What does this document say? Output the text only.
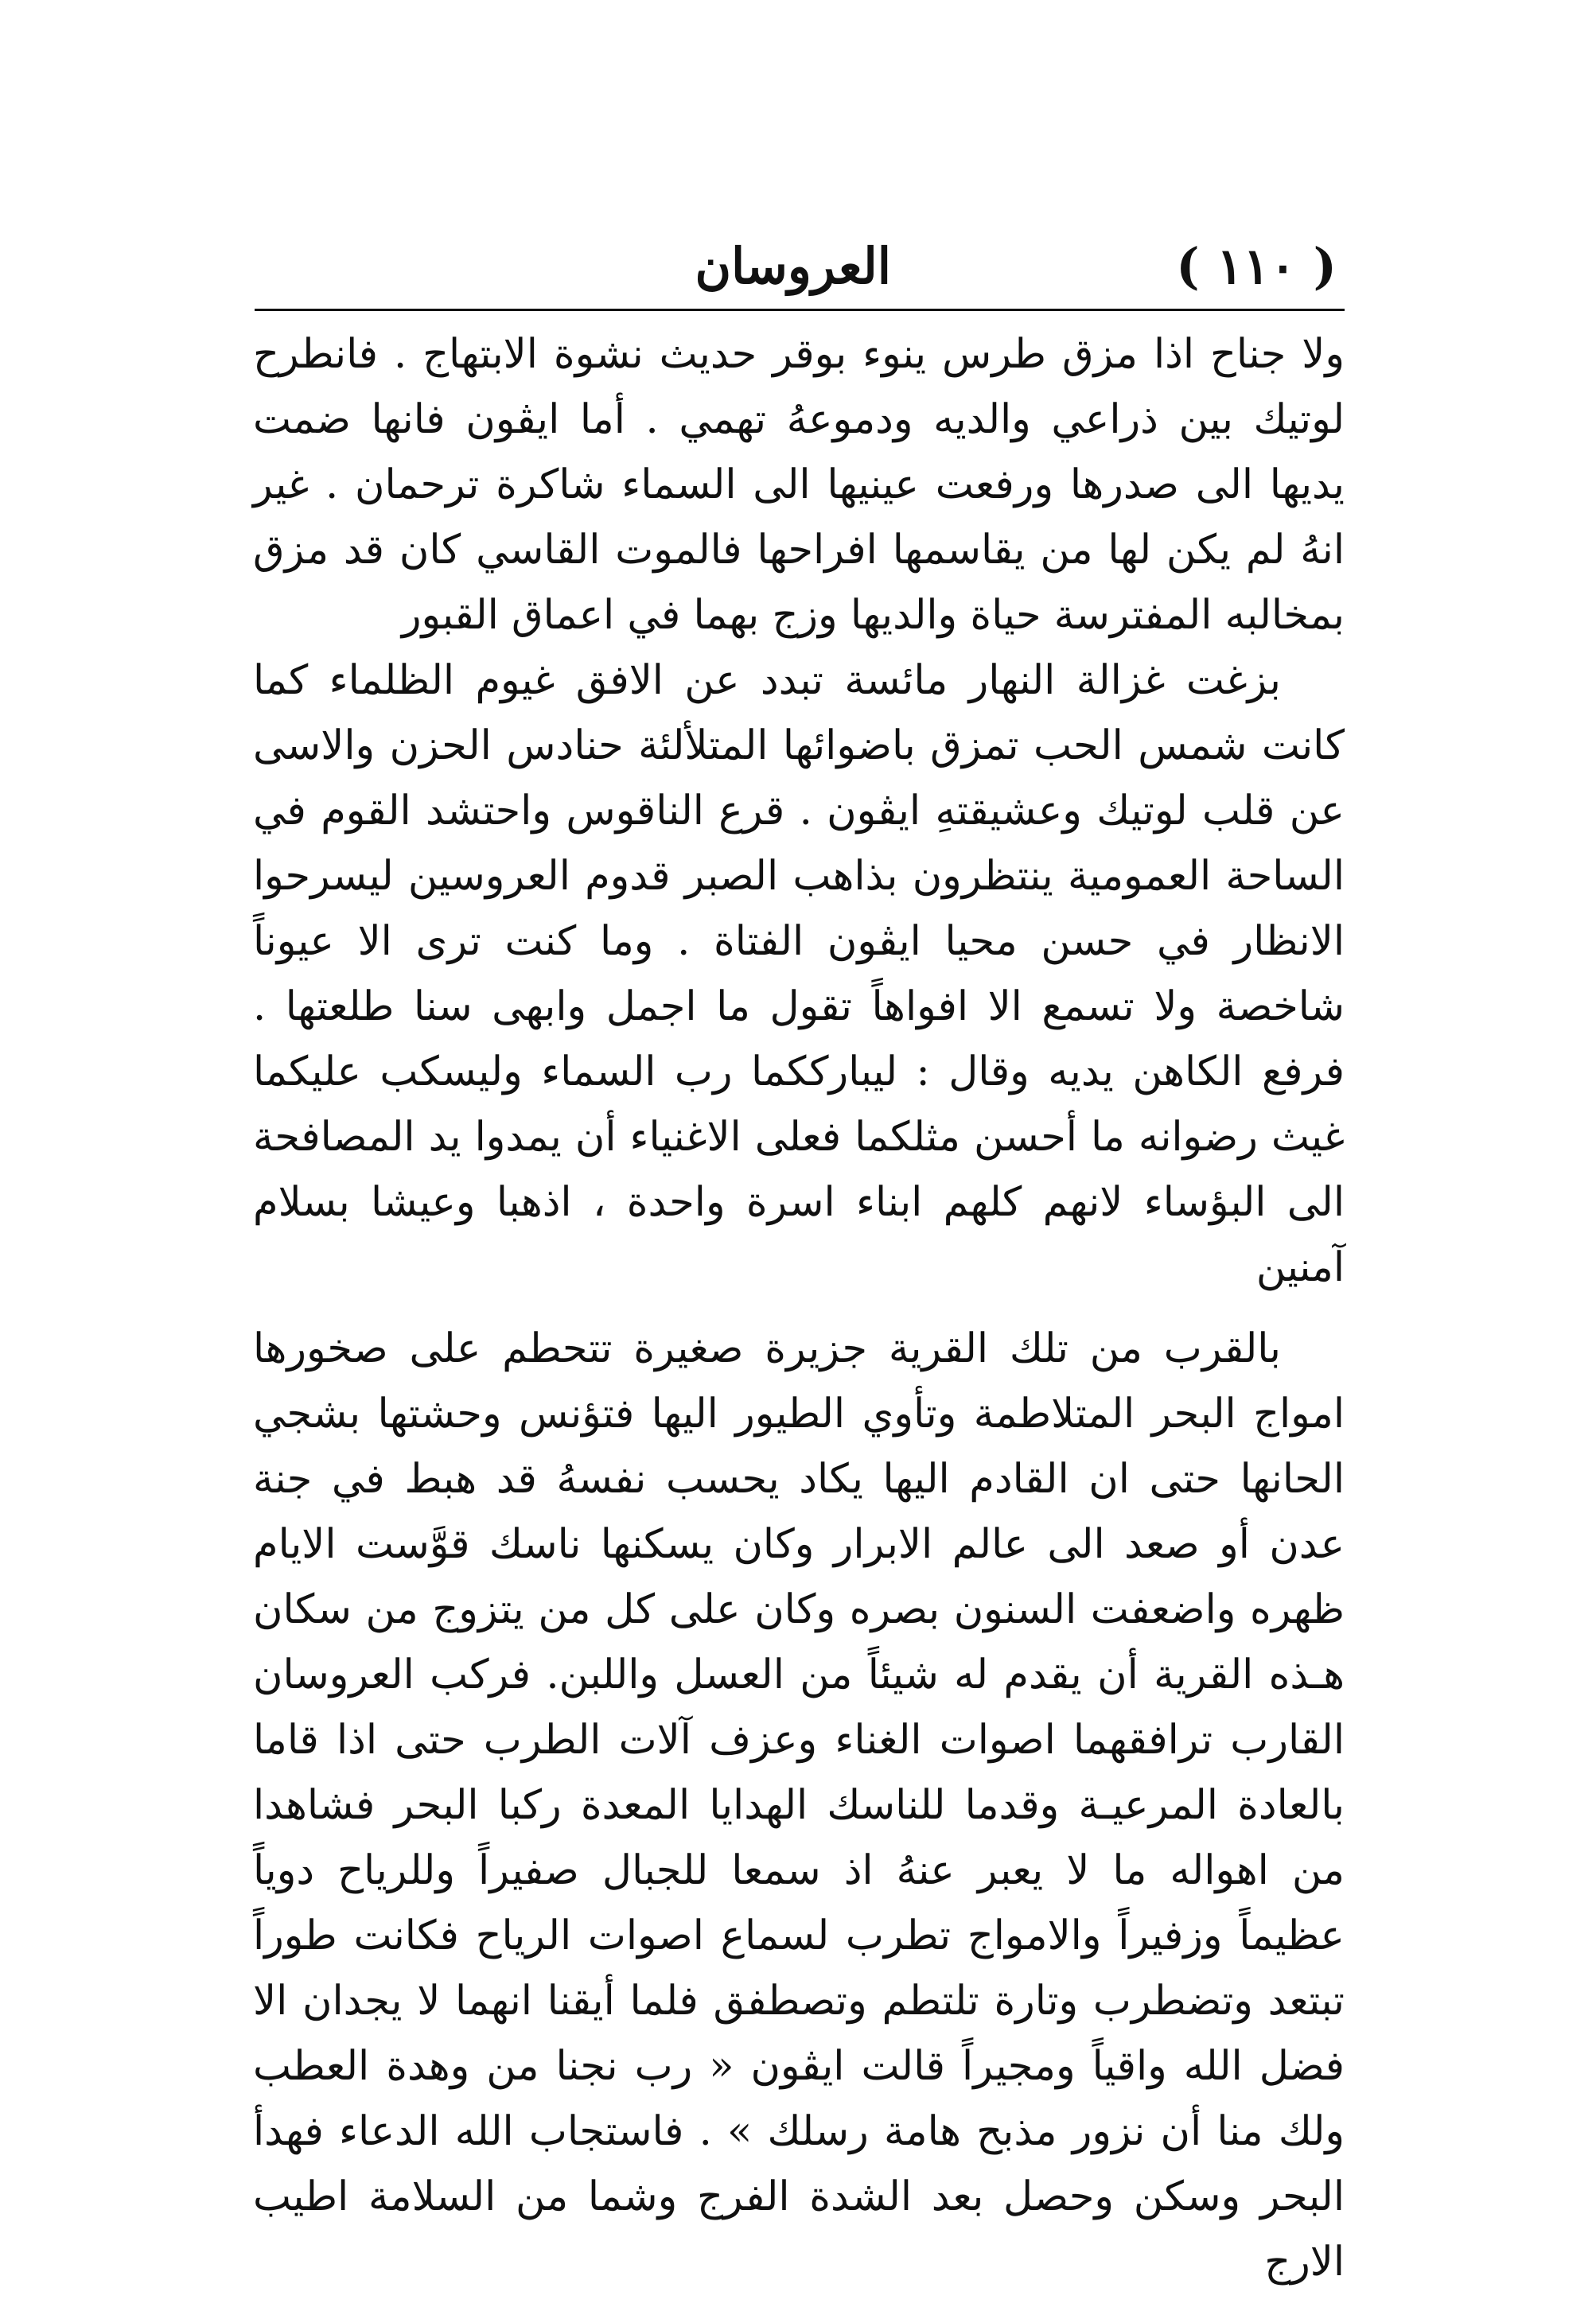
( ١١٠ )
العروسان

ولا جناح اذا مزق طرس ينوء بوقر حديث نشوة الابتهاج . فانطرح لوتيك بين ذراعي والديه ودموعهُ تهمي . أما ايڤون فانها ضمت يديها الى صدرها ورفعت عينيها الى السماء شاكرة ترحمان . غير انهُ لم يكن لها من يقاسمها افراحها فالموت القاسي كان قد مزق بمخالبه المفترسة حياة والديها وزج بهما في اعماق القبور

بزغت غزالة النهار مائسة تبدد عن الافق غيوم الظلماء كما كانت شمس الحب تمزق باضوائها المتلألئة حنادس الحزن والاسى عن قلب لوتيك وعشيقتهِ ايڤون . قرع الناقوس واحتشد القوم في الساحة العمومية ينتظرون بذاهب الصبر قدوم العروسين ليسرحوا الانظار في حسن محيا ايڤون الفتاة . وما كنت ترى الا عيوناً شاخصة ولا تسمع الا افواهاً تقول ما اجمل وابهى سنا طلعتها . فرفع الكاهن يديه وقال : ليبارككما رب السماء وليسكب عليكما غيث رضوانه ما أحسن مثلكما فعلى الاغنياء أن يمدوا يد المصافحة الى البؤساء لانهم كلهم ابناء اسرة واحدة ، اذهبا وعيشا بسلام آمنين

بالقرب من تلك القرية جزيرة صغيرة تتحطم على صخورها امواج البحر المتلاطمة وتأوي الطيور اليها فتؤنس وحشتها بشجي الحانها حتى ان القادم اليها يكاد يحسب نفسهُ قد هبط في جنة عدن أو صعد الى عالم الابرار وكان يسكنها ناسك قوَّست الايام ظهره واضعفت السنون بصره وكان على كل من يتزوج من سكان هـذه القرية أن يقدم له شيئاً من العسل واللبن. فركب العروسان القارب ترافقهما اصوات الغناء وعزف آلات الطرب حتى اذا قاما بالعادة المرعيـة وقدما للناسك الهدايا المعدة ركبا البحر فشاهدا من اهواله ما لا يعبر عنهُ اذ سمعا للجبال صفيراً وللرياح دوياً عظيماً وزفيراً والامواج تطرب لسماع اصوات الرياح فكانت طوراً تبتعد وتضطرب وتارة تلتطم وتصطفق فلما أيقنا انهما لا يجدان الا فضل الله واقياً ومجيراً قالت ايڤون « رب نجنا من وهدة العطب ولك منا أن نزور مذبح هامة رسلك » . فاستجاب الله الدعاء فهدأ البحر وسكن وحصل بعد الشدة الفرج وشما من السلامة اطيب الارج
